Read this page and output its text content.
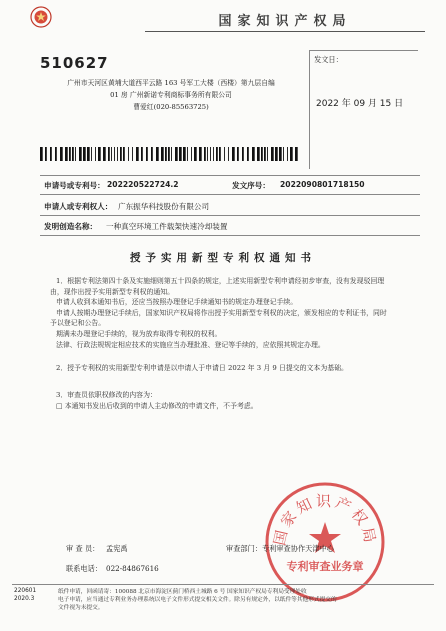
国家知识产权局
510627
广州市天河区黄埔大道西平云路 163 号军工大楼（西楼）第九层自编
01 房 广州新诺专利商标事务所有限公司
曹爱红(020-85563725)
发文日：
2022 年 09 月 15 日
申请号或专利号： 202220522724.2	发文序号： 2022090801718150
申请人或专利权人： 广东振华科技股份有限公司
发明创造名称： 一种真空环境工件载架快速冷却装置
授予实用新型专利权通知书
1．根据专利法第四十条及实施细则第五十四条的规定，上述实用新型专利申请经初步审查，没有发现驳回理
由，现作出授予实用新型专利权的通知。
申请人收到本通知书后，还应当按照办理登记手续通知书的规定办理登记手续。
申请人按期办理登记手续后，国家知识产权局将作出授予实用新型专利权的决定，颁发相应的专利证书，同时
予以登记和公告。
期满未办理登记手续的，视为放弃取得专利权的权利。
法律、行政法规规定相应技术的实施应当办理批准、登记等手续的，应依照其规定办理。
2．授予专利权的实用新型专利申请是以申请人于申请日 2022 年 3 月 9 日提交的文本为基础。
3．审查员依职权修改的内容为：
□ 本通知书发出后收到的申请人主动修改的申请文件，不予考虑。
国家知识产权局
专利审查业务章
审 查 员： 孟宪禹	审查部门：专利审查协作天津中心
联系电话： 022-84867616
220601
2020.3
纸件申请，回函请寄：100088 北京市海淀区蓟门桥西土城路 6 号 国家知识产权局专利局受理处收
电子申请，应当通过专利业务办理系统以电子文件形式提交相关文件。除另有规定外，以纸件等其他形式提交的
文件视为未提交。
